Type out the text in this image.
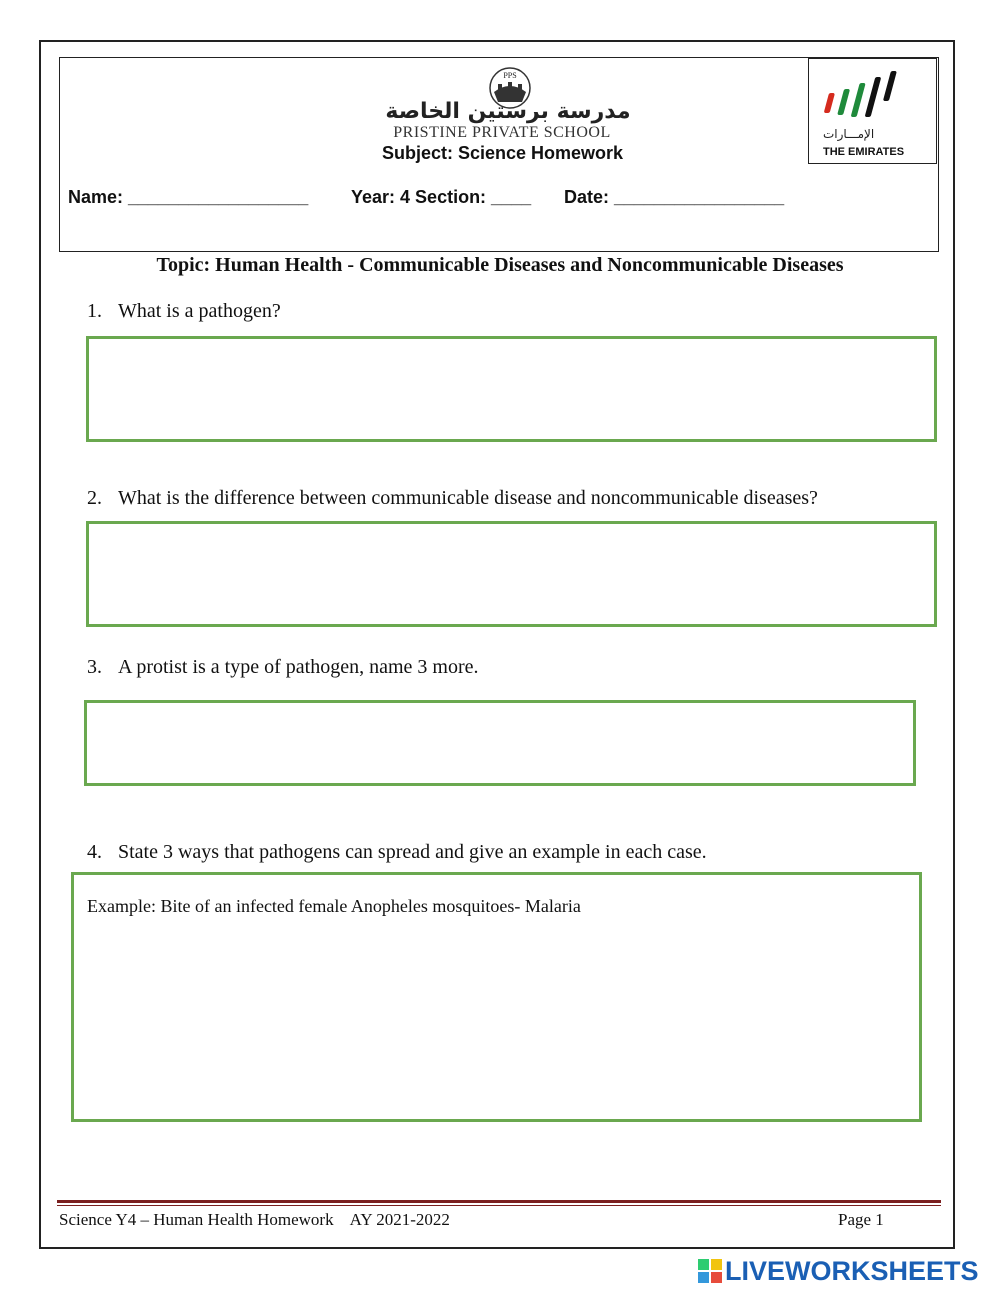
PPS
مدرسة برستين الخاصة
PRISTINE PRIVATE SCHOOL
Subject: Science Homework
الإمـــارات
THE EMIRATES
Name: __________________ Year: 4 Section: ____ Date: _________________
Topic: Human Health - Communicable Diseases and Noncommunicable Diseases
1. What is a pathogen?
2. What is the difference between communicable disease and noncommunicable diseases?
3. A protist is a type of pathogen, name 3 more.
4. State 3 ways that pathogens can spread and give an example in each case.
Example: Bite of an infected female Anopheles mosquitoes- Malaria
Science Y4 – Human Health Homework    AY 2021-2022	Page 1
LIVEWORKSHEETS
